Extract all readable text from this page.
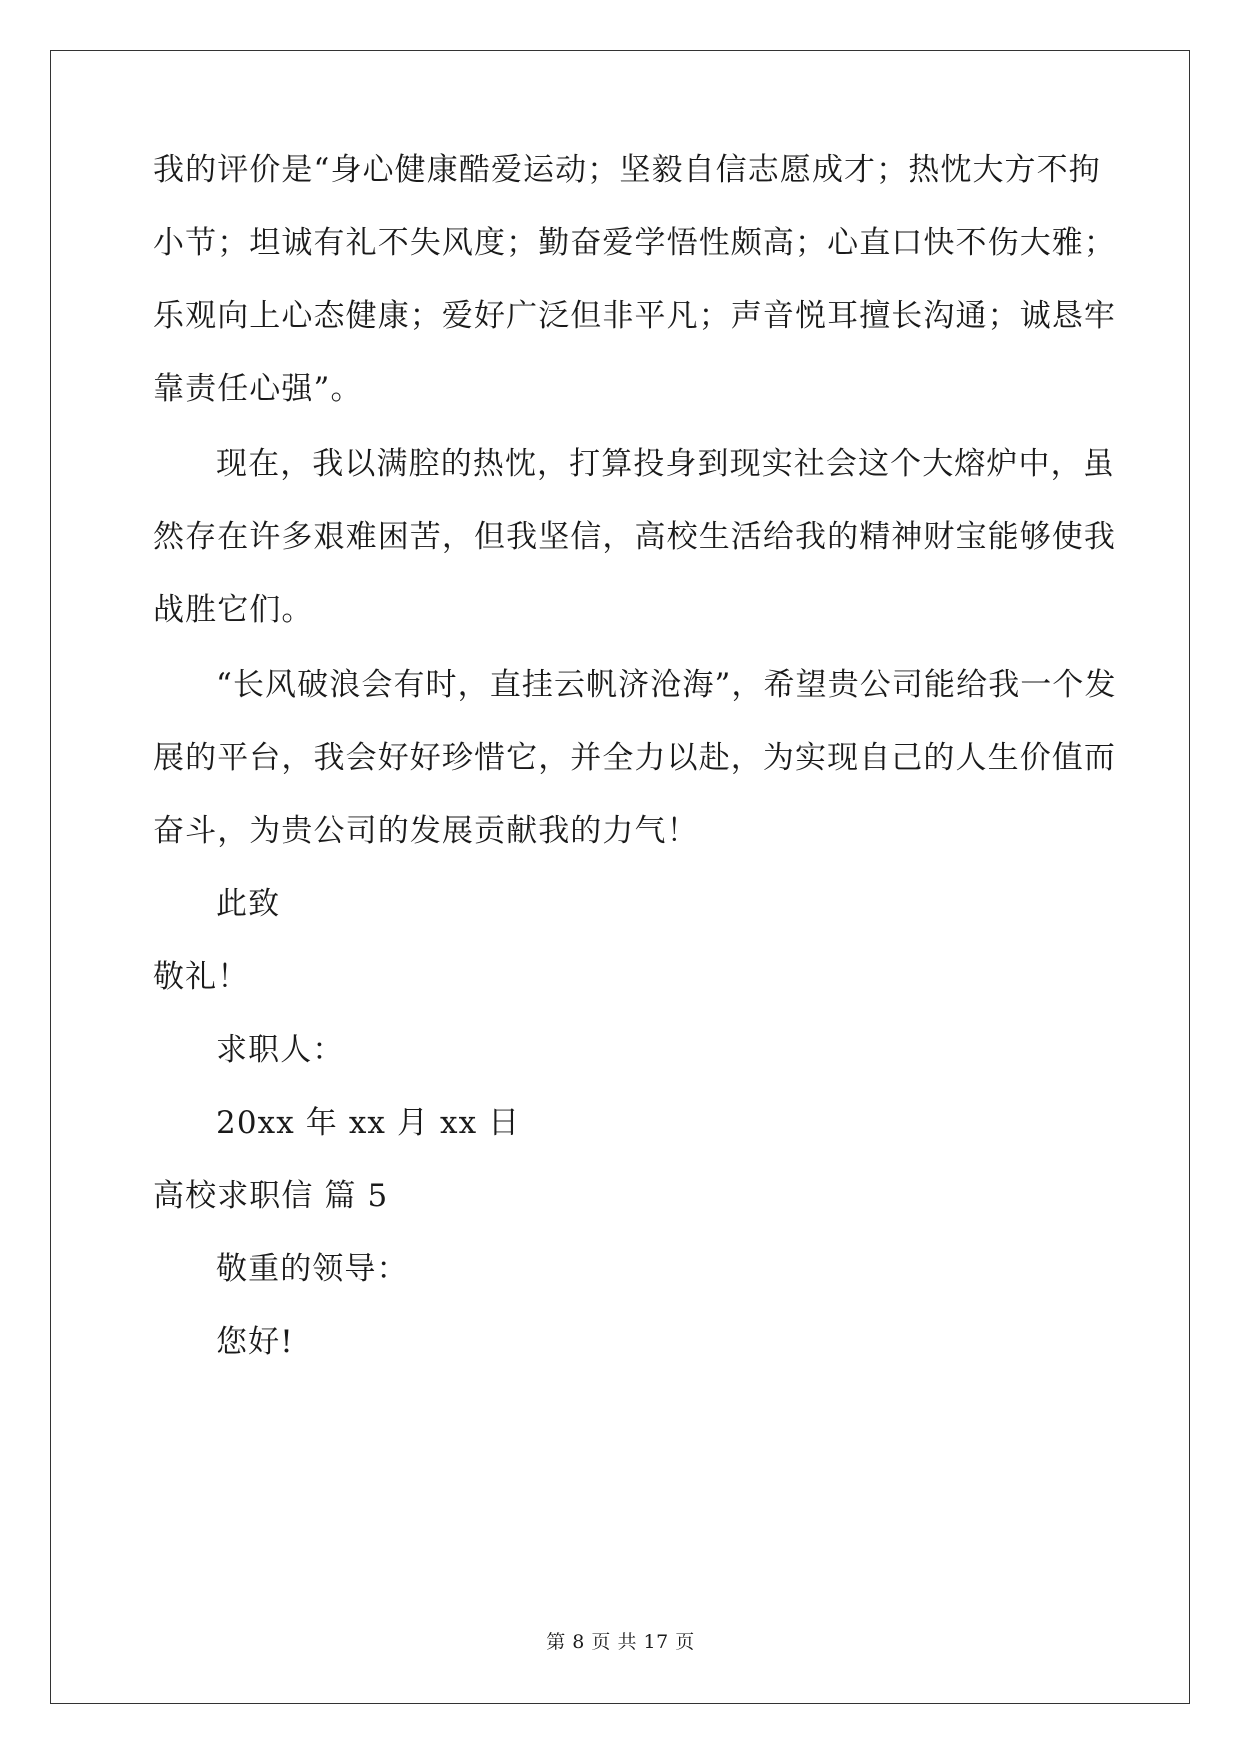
我的评价是“身心健康酷爱运动；坚毅自信志愿成才；热忱大方不拘
小节；坦诚有礼不失风度；勤奋爱学悟性颇高；心直口快不伤大雅；
乐观向上心态健康；爱好广泛但非平凡；声音悦耳擅长沟通；诚恳牢
靠责任心强”。
现在，我以满腔的热忱，打算投身到现实社会这个大熔炉中，虽
然存在许多艰难困苦，但我坚信，高校生活给我的精神财宝能够使我
战胜它们。
“长风破浪会有时，直挂云帆济沧海”，希望贵公司能给我一个发
展的平台，我会好好珍惜它，并全力以赴，为实现自己的人生价值而
奋斗，为贵公司的发展贡献我的力气！
此致
敬礼！
求职人：
20xx 年 xx 月 xx 日
高校求职信 篇 5
敬重的领导：
您好!
第 8 页 共 17 页
